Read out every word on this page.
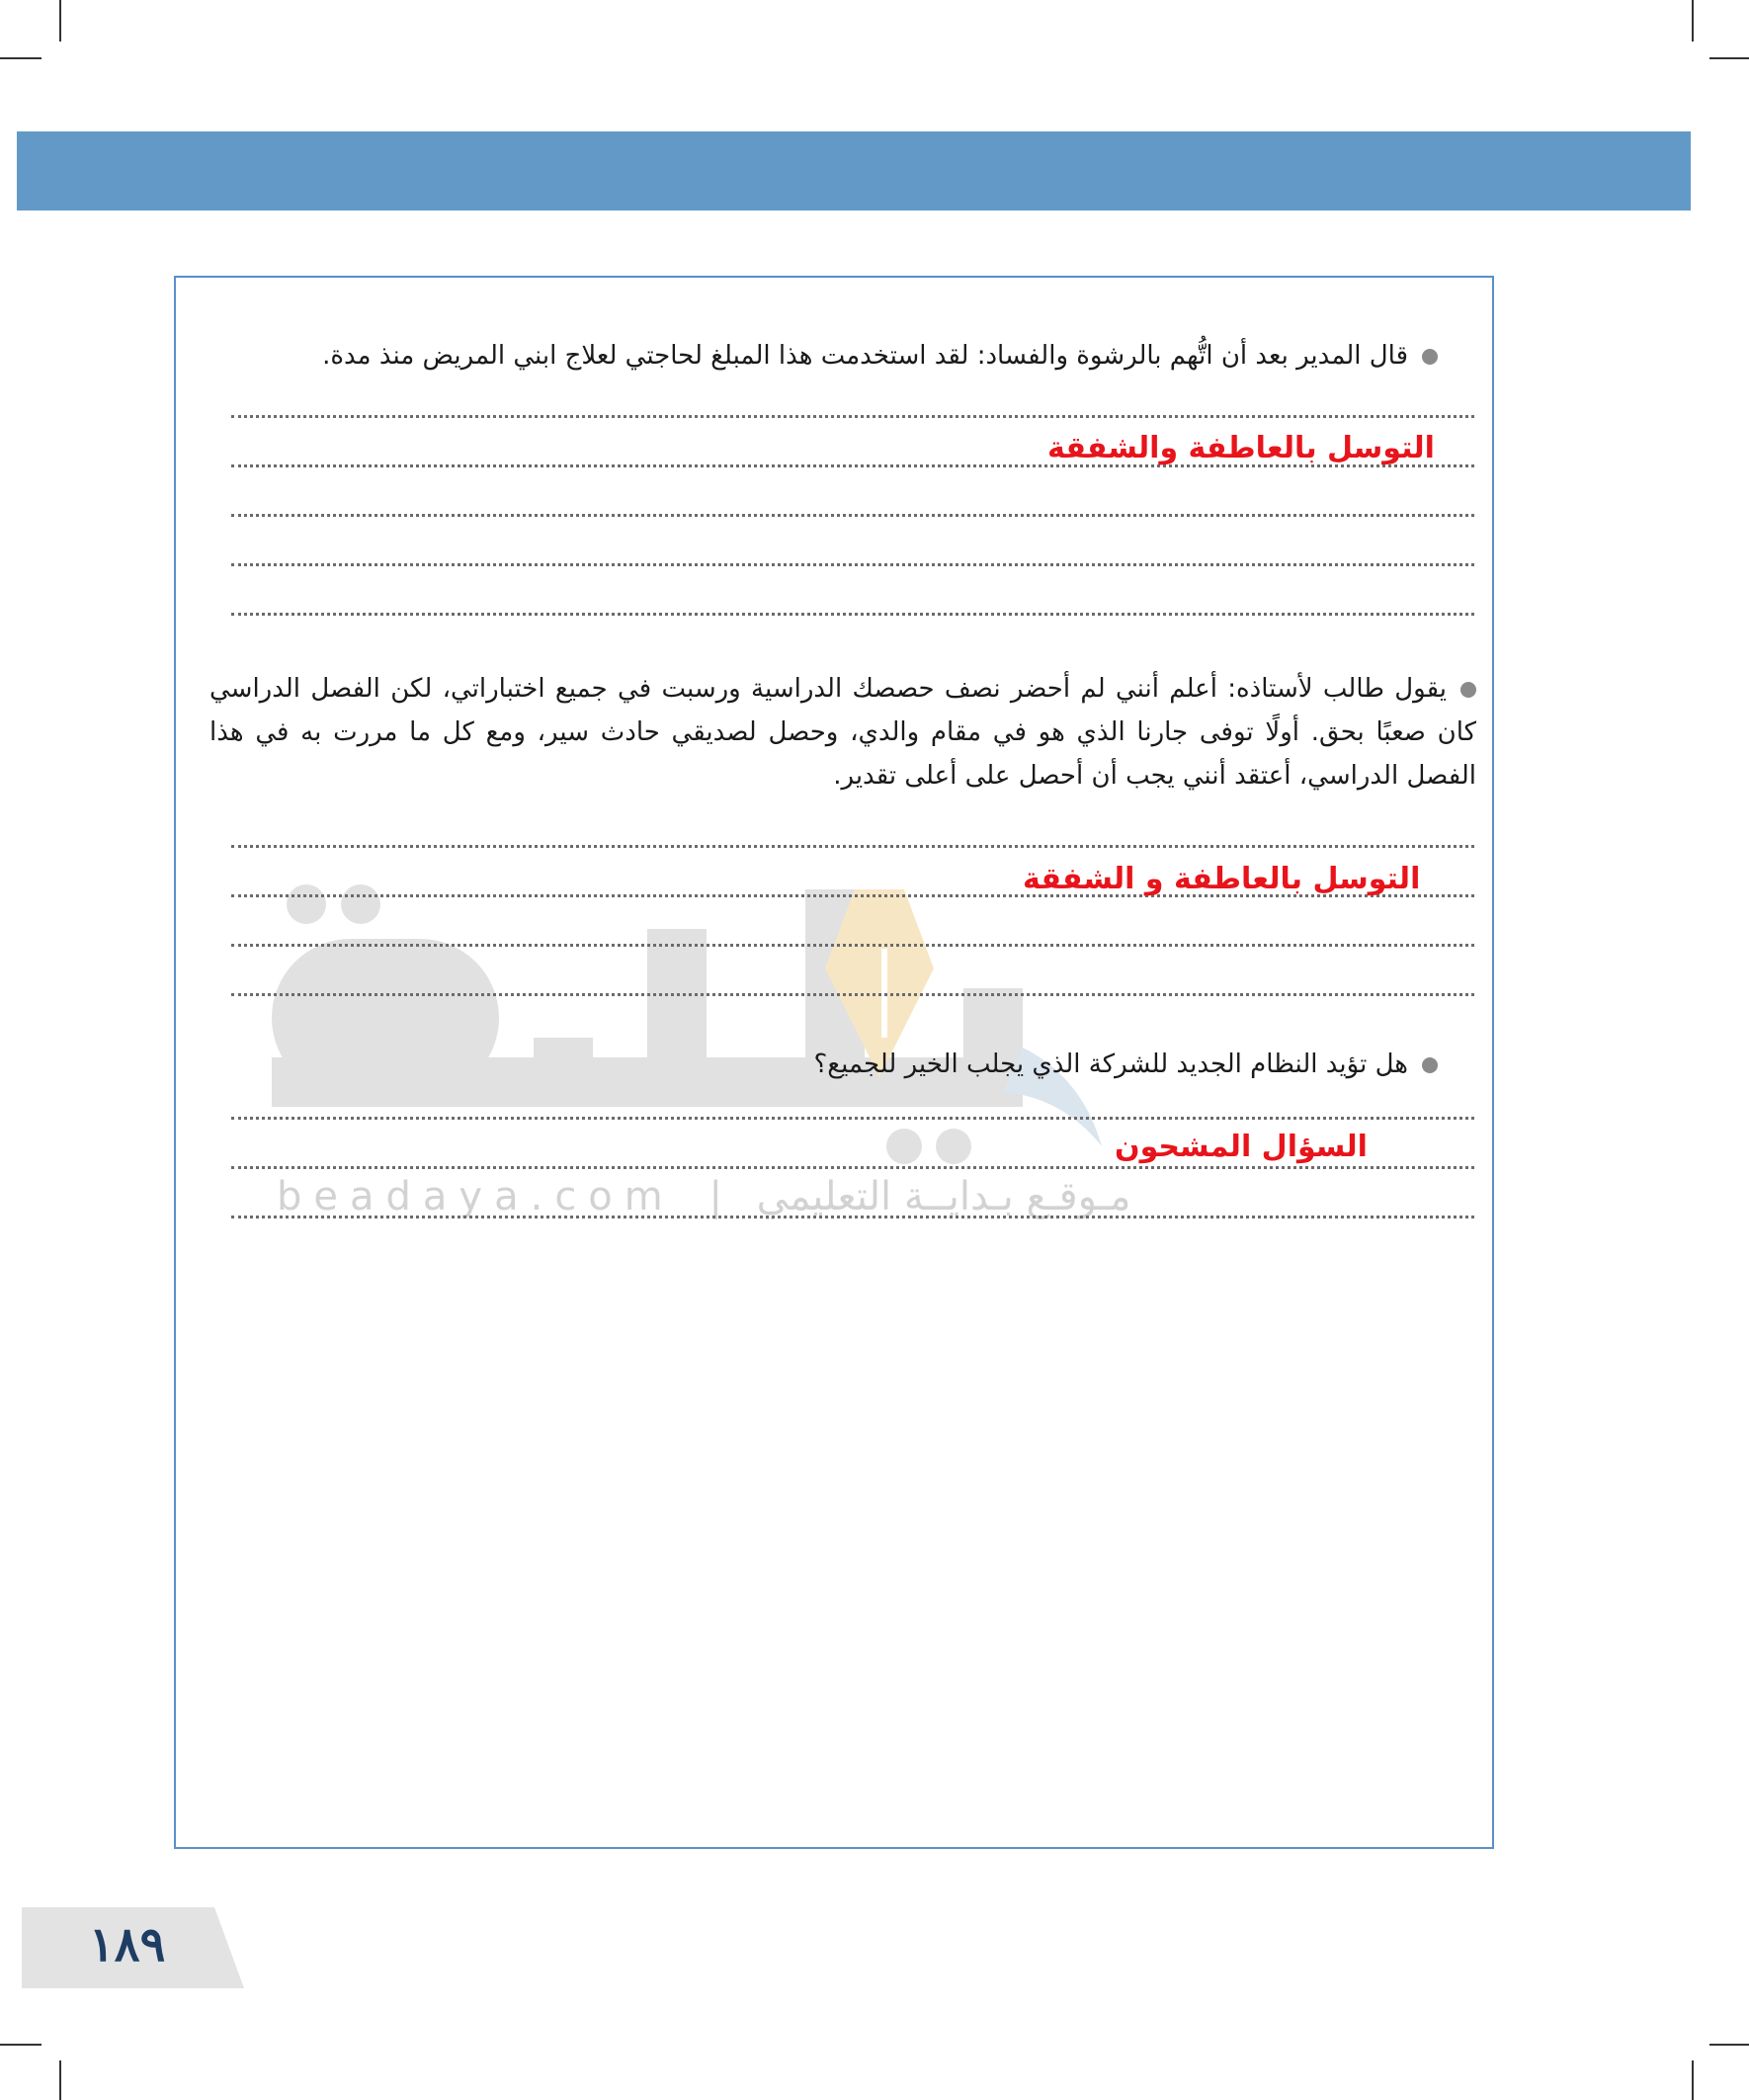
beadaya.com | مـوقـع بـدايــة التعليمي
قال المدير بعد أن اتُّهم بالرشوة والفساد: لقد استخدمت هذا المبلغ لحاجتي لعلاج ابني المريض منذ مدة.
التوسل بالعاطفة والشفقة
يقول طالب لأستاذه: أعلم أنني لم أحضر نصف حصصك الدراسية ورسبت في جميع اختباراتي، لكن الفصل الدراسي كان صعبًا بحق. أولًا توفى جارنا الذي هو في مقام والدي، وحصل لصديقي حادث سير، ومع كل ما مررت به في هذا الفصل الدراسي، أعتقد أنني يجب أن أحصل على أعلى تقدير.
التوسل بالعاطفة و الشفقة
هل تؤيد النظام الجديد للشركة الذي يجلب الخير للجميع؟
السؤال المشحون
١٨٩
